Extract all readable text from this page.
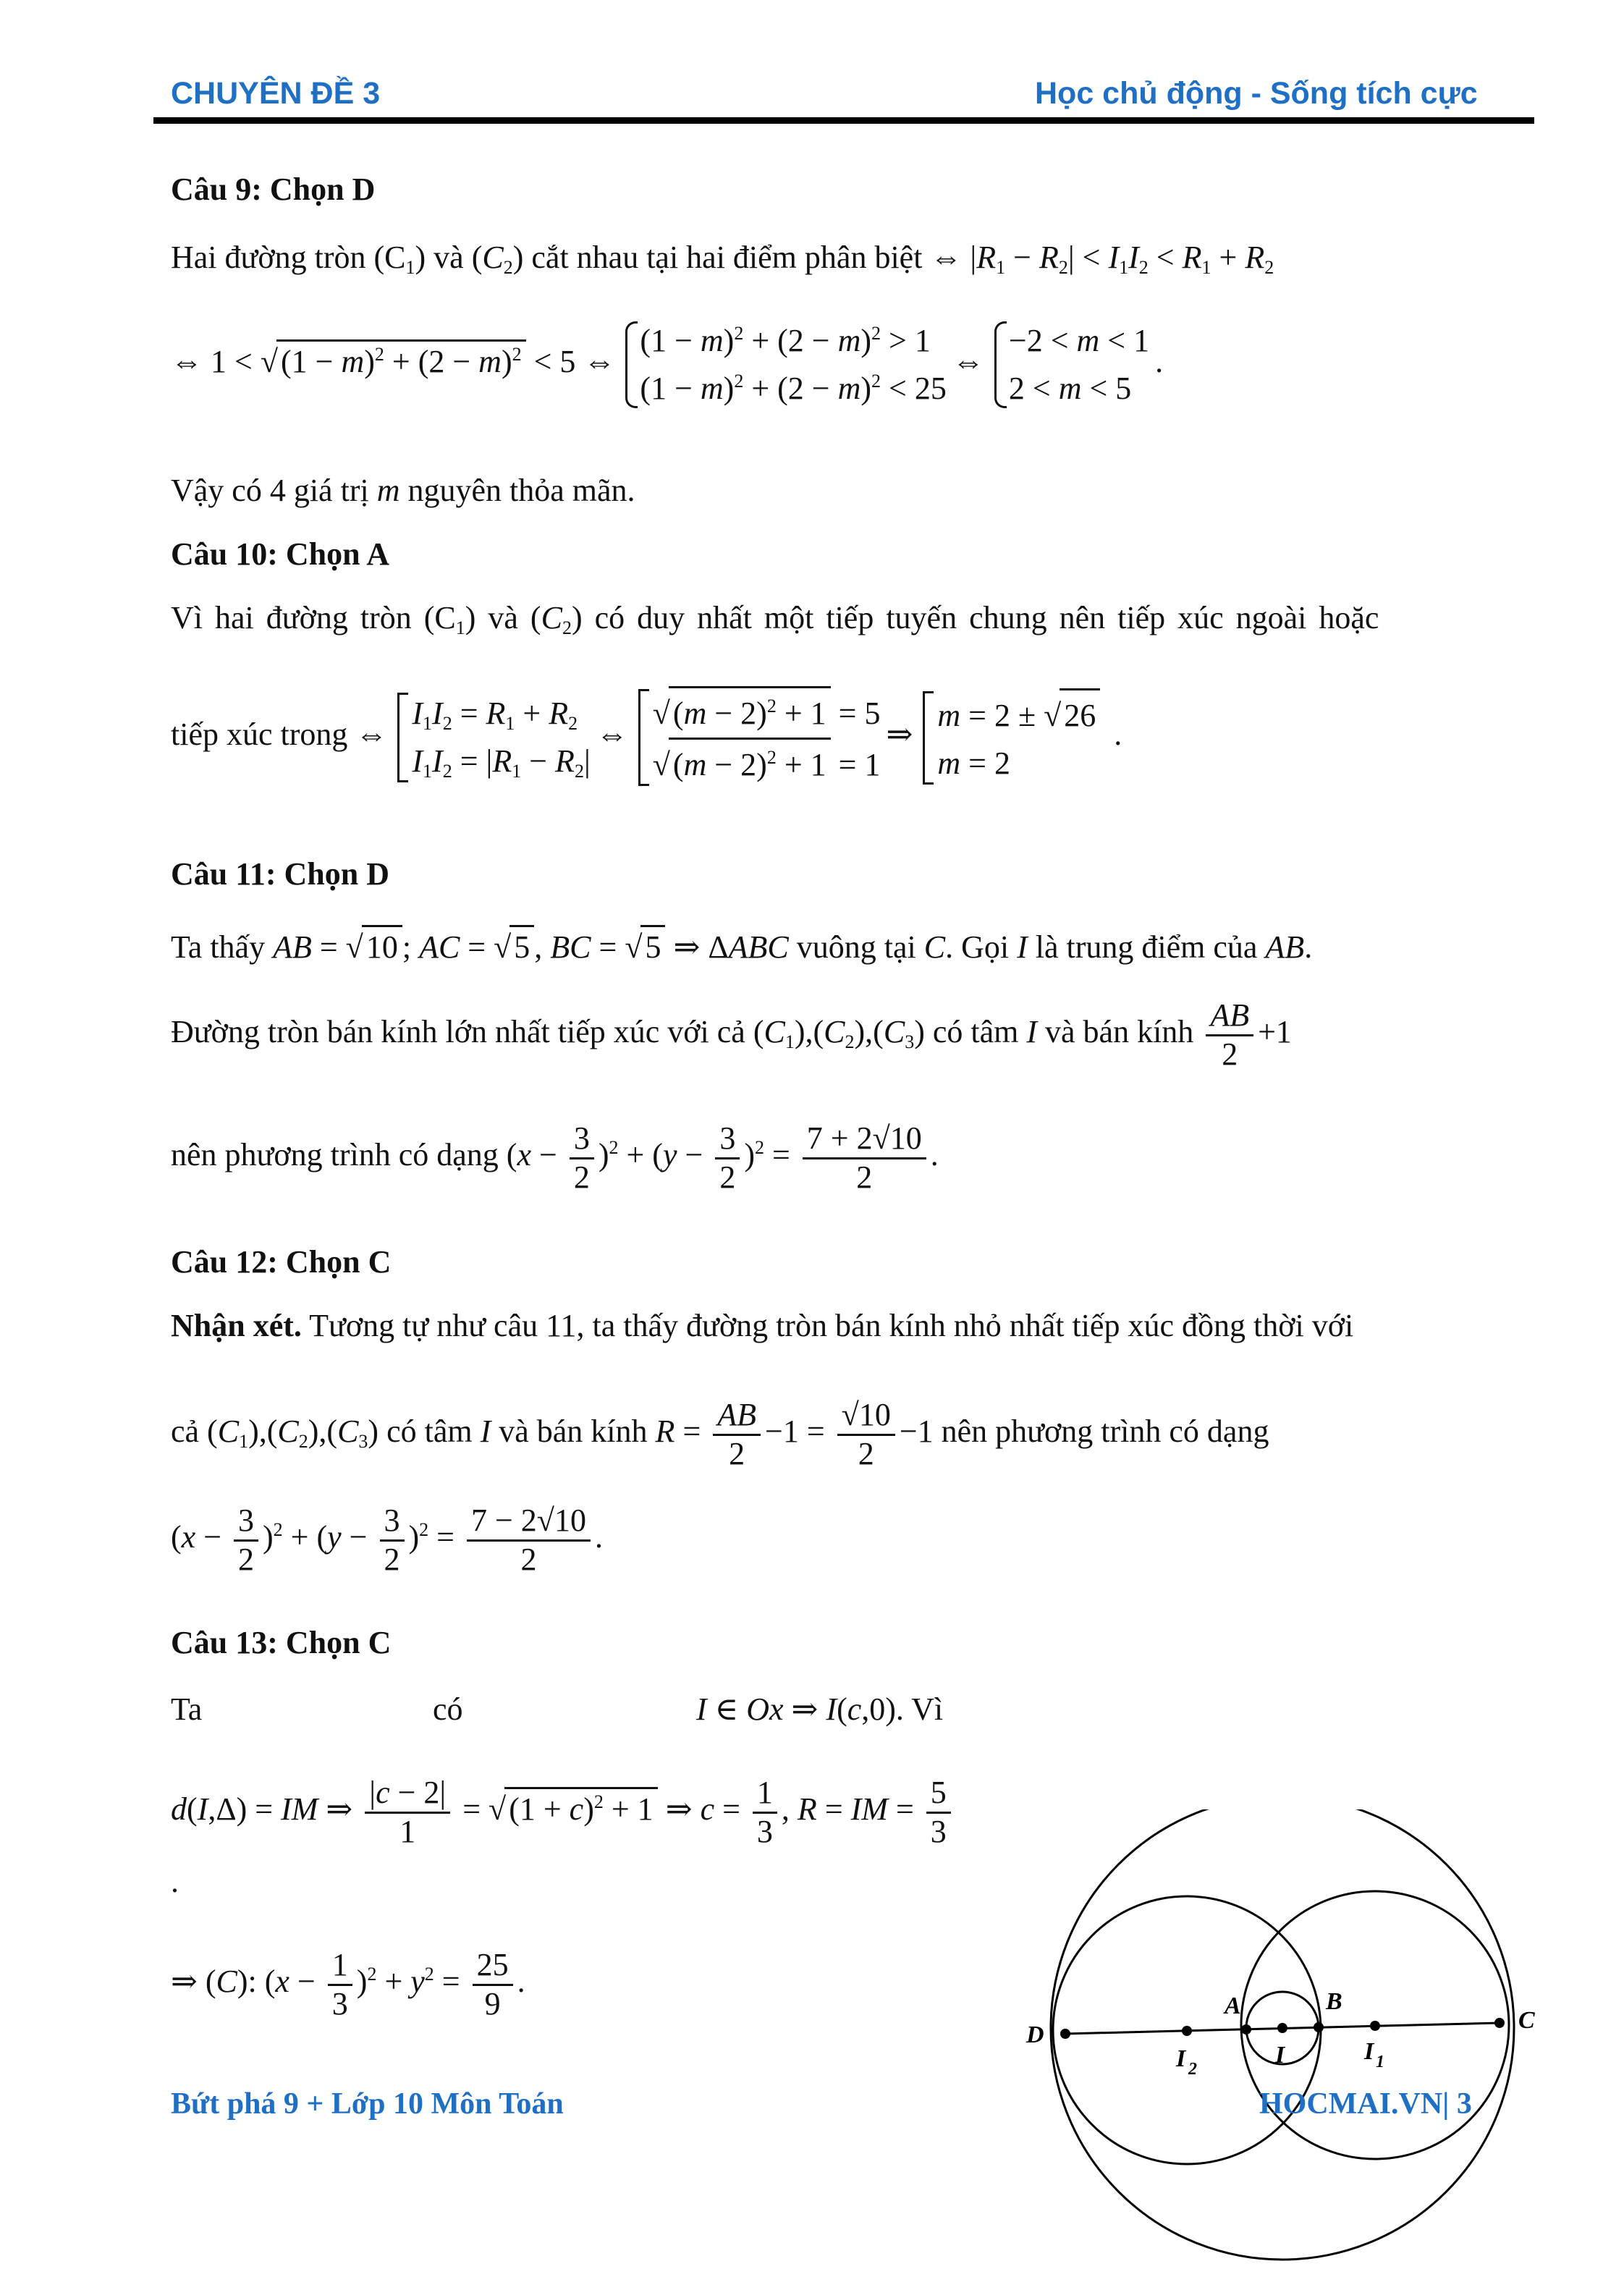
CHUYÊN ĐỀ 3	Học chủ động - Sống tích cực
Câu 9: Chọn D
Hai đường tròn $(C_1)$ và $(C_2)$ cắt nhau tại hai điểm phân biệt ⇔ $|R_1 - R_2| < I_1I_2 < R_1 + R_2$
⇔ $1 < √(1 - m)^2 + (2 - m)^2 < 5$ ⇔
$(1 - m)^2 + (2 - m)^2 > 1$
$(1 - m)^2 + (2 - m)^2 < 25$
⇔
−2 < m < 1
2 < m < 5
.
Vậy có 4 giá trị m nguyên thỏa mãn.
Câu 10: Chọn A
Vì hai đường tròn $(C_1)$ và $(C_2)$ có duy nhất một tiếp tuyến chung nên tiếp xúc ngoài hoặc
tiếp xúc trong ⇔
$I_1I_2 = R_1 + R_2$
$I_1I_2 = |R_1 - R_2|$
⇔
$√(m - 2)^2 + 1 = 5$
$√(m - 2)^2 + 1 = 1$
⇒
m = 2 ± √26
m = 2
.
Câu 11: Chọn D
Ta thấy AB = √10 ; AC = √5 , BC = √5 ⇒ ΔABC vuông tại C. Gọi I là trung điểm của AB.
Đường tròn bán kính lớn nhất tiếp xúc với cả $(C_1),(C_2),(C_3)$ có tâm I và bán kính $\frac{AB}{2} +1$
nên phương trình có dạng $(x - \frac{3}{2} )^2 + (y - \frac{3}{2} )^2 = \frac{7 + 2√10}{2}$ .
Câu 12: Chọn C
Nhận xét. Tương tự như câu 11, ta thấy đường tròn bán kính nhỏ nhất tiếp xúc đồng thời với
cả $(C_1),(C_2),(C_3)$ có tâm I và bán kính $R = \frac{AB}{2} -1 = \frac{√10}{2} -1$ nên phương trình có dạng
$(x - \frac{3}{2} )^2 + (y - \frac{3}{2} )^2 = \frac{7 - 2√10}{2}$ .
Câu 13: Chọn C
Ta	có	I ∈ Ox ⇒ I(c,0). Vì
d(I,Δ) = IM ⇒ $\frac{|c - 2|}{1} = √(1 + c)^2 + 1$ ⇒ $c = \frac{1}{3}$ , R = IM = $\frac{5}{3}$
.
⇒ (C): $(x - \frac{1}{3} )^2 + y^2 = \frac{25}{9}$ .
D
A	B
C
I
I 2
I 1
Bứt phá 9 + Lớp 10 Môn Toán	HOCMAI.VN| 3
